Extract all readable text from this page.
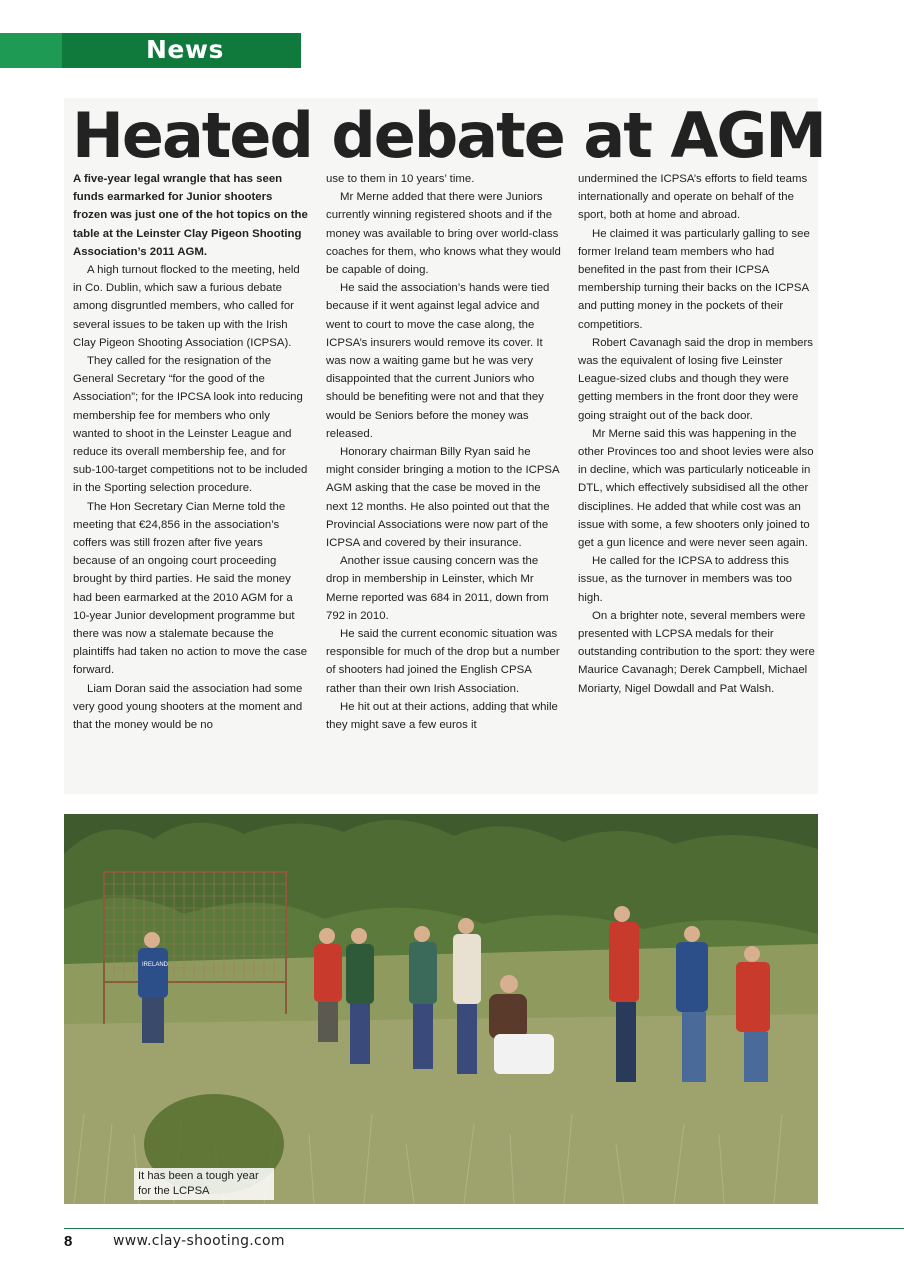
News
Heated debate at AGM

A five-year legal wrangle that has seen funds earmarked for Junior shooters frozen was just one of the hot topics on the table at the Leinster Clay Pigeon Shooting Association’s 2011 AGM.

A high turnout flocked to the meeting, held in Co. Dublin, which saw a furious debate among disgruntled members, who called for several issues to be taken up with the Irish Clay Pigeon Shooting Association (ICPSA).

They called for the resignation of the General Secretary “for the good of the Association”; for the IPCSA look into reducing membership fee for members who only wanted to shoot in the Leinster League and reduce its overall membership fee, and for sub-100-target competitions not to be included in the Sporting selection procedure.

The Hon Secretary Cian Merne told the meeting that €24,856 in the association’s coffers was still frozen after five years because of an ongoing court proceeding brought by third parties. He said the money had been earmarked at the 2010 AGM for a 10-year Junior development programme but there was now a stalemate because the plaintiffs had taken no action to move the case forward.

Liam Doran said the association had some very good young shooters at the moment and that the money would be no

use to them in 10 years’ time.

Mr Merne added that there were Juniors currently winning registered shoots and if the money was available to bring over world-class coaches for them, who knows what they would be capable of doing.

He said the association’s hands were tied because if it went against legal advice and went to court to move the case along, the ICPSA’s insurers would remove its cover. It was now a waiting game but he was very disappointed that the current Juniors who should be benefiting were not and that they would be Seniors before the money was released.

Honorary chairman Billy Ryan said he might consider bringing a motion to the ICPSA AGM asking that the case be moved in the next 12 months. He also pointed out that the Provincial Associations were now part of the ICPSA and covered by their insurance.

Another issue causing concern was the drop in membership in Leinster, which Mr Merne reported was 684 in 2011, down from 792 in 2010.

He said the current economic situation was responsible for much of the drop but a number of shooters had joined the English CPSA rather than their own Irish Association.

He hit out at their actions, adding that while they might save a few euros it

undermined the ICPSA’s efforts to field teams internationally and operate on behalf of the sport, both at home and abroad.

He claimed it was particularly galling to see former Ireland team members who had benefited in the past from their ICPSA membership turning their backs on the ICPSA and putting money in the pockets of their competitiors.

Robert Cavanagh said the drop in members was the equivalent of losing five Leinster League-sized clubs and though they were getting members in the front door they were going straight out of the back door.

Mr Merne said this was happening in the other Provinces too and shoot levies were also in decline, which was particularly noticeable in DTL, which effectively subsidised all the other disciplines. He added that while cost was an issue with some, a few shooters only joined to get a gun licence and were never seen again.

He called for the ICPSA to address this issue, as the turnover in members was too high.

On a brighter note, several members were presented with LCPSA medals for their outstanding contribution to the sport: they were Maurice Cavanagh; Derek Campbell, Michael Moriarty, Nigel Dowdall and Pat Walsh.

IRELAND
It has been a tough year for the LCPSA
8	www.clay-shooting.com
